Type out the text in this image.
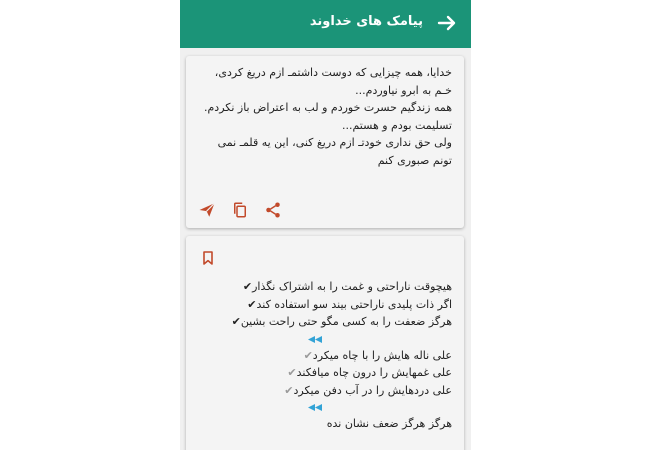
پیامک های خداوند
خدایا، همه چیزایی که دوست داشتمـ ازم دریغ کردی،
خـم به ابرو نیاوردم...
همه زندگیم حسرت خوردم و لب به اعتراض باز نکردم.
تسلیمت بودم و هستم...
ولی حق نداری خودتـ ازم دریغ کنی، این یه قلمـ نمی
تونم صبوری کنم
هیچوقت ناراحتی و غمت را به اشتراک نگذار✔
اگر ذات پلیدی ناراحتی بیند سو استفاده کند✔
هرگز ضعفت را به کسی مگو حتی راحت بشین✔
علی ناله هایش را با چاه میکرد✔
علی غمهایش را درون چاه میافکند✔
علی دردهایش را در آب دفن میکرد✔
هرگز هرگز ضعف نشان نده
